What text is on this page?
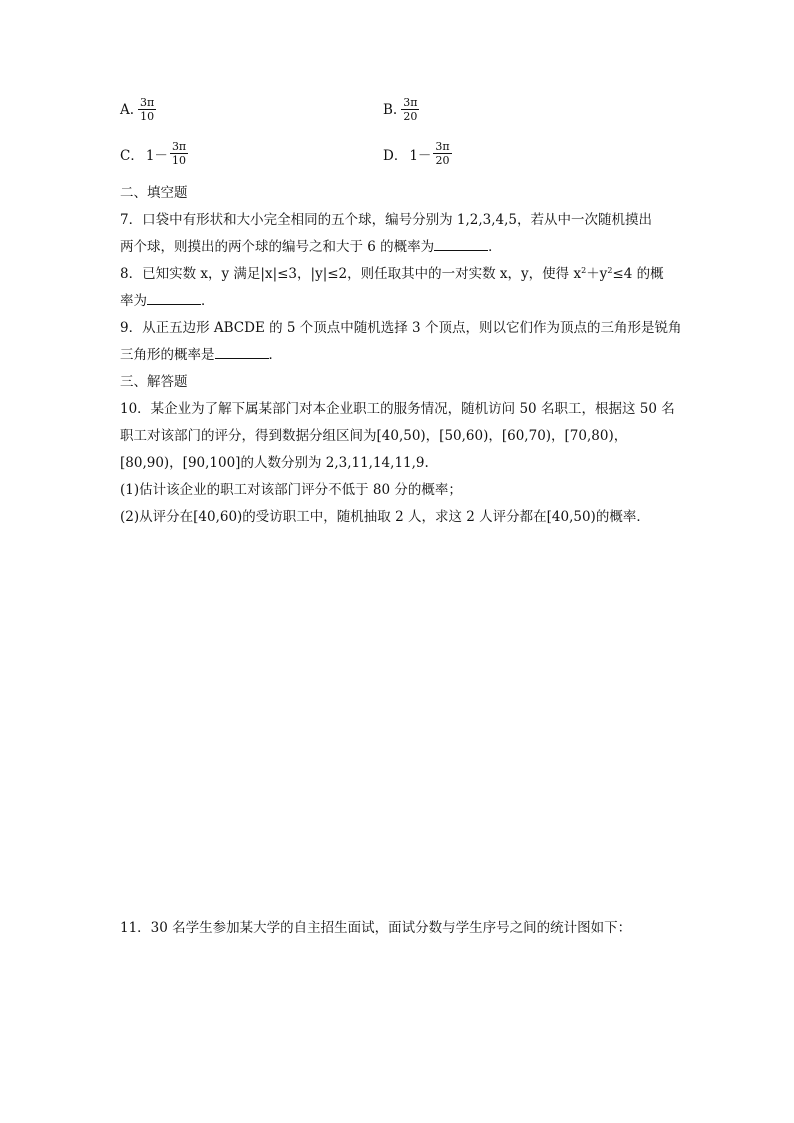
A. $\frac{3\pi}{10}$	B. $\frac{3\pi}{20}$
C． $1- \frac{3\pi}{10}$	D． $1- \frac{3\pi}{20}$
二、填空题
7．口袋中有形状和大小完全相同的五个球，编号分别为 1,2,3,4,5，若从中一次随机摸出
两个球，则摸出的两个球的编号之和大于 6 的概率为	．
8．已知实数 x，y 满足|x|≤3，|y|≤2，则任取其中的一对实数 x，y，使得 $x^2+y^2\le 4$ 的概
率为	．
9．从正五边形 ABCDE 的 5 个顶点中随机选择 3 个顶点，则以它们作为顶点的三角形是锐角
三角形的概率是	．
三、解答题
10．某企业为了解下属某部门对本企业职工的服务情况，随机访问 50 名职工，根据这 50 名
职工对该部门的评分，得到数据分组区间为[40,50)，[50,60)，[60,70)，[70,80)，
[80,90)，[90,100]的人数分别为 2,3,11,14,11,9.
(1)估计该企业的职工对该部门评分不低于 80 分的概率；
(2)从评分在[40,60)的受访职工中，随机抽取 2 人，求这 2 人评分都在[40,50)的概率．
11．30 名学生参加某大学的自主招生面试，面试分数与学生序号之间的统计图如下：
